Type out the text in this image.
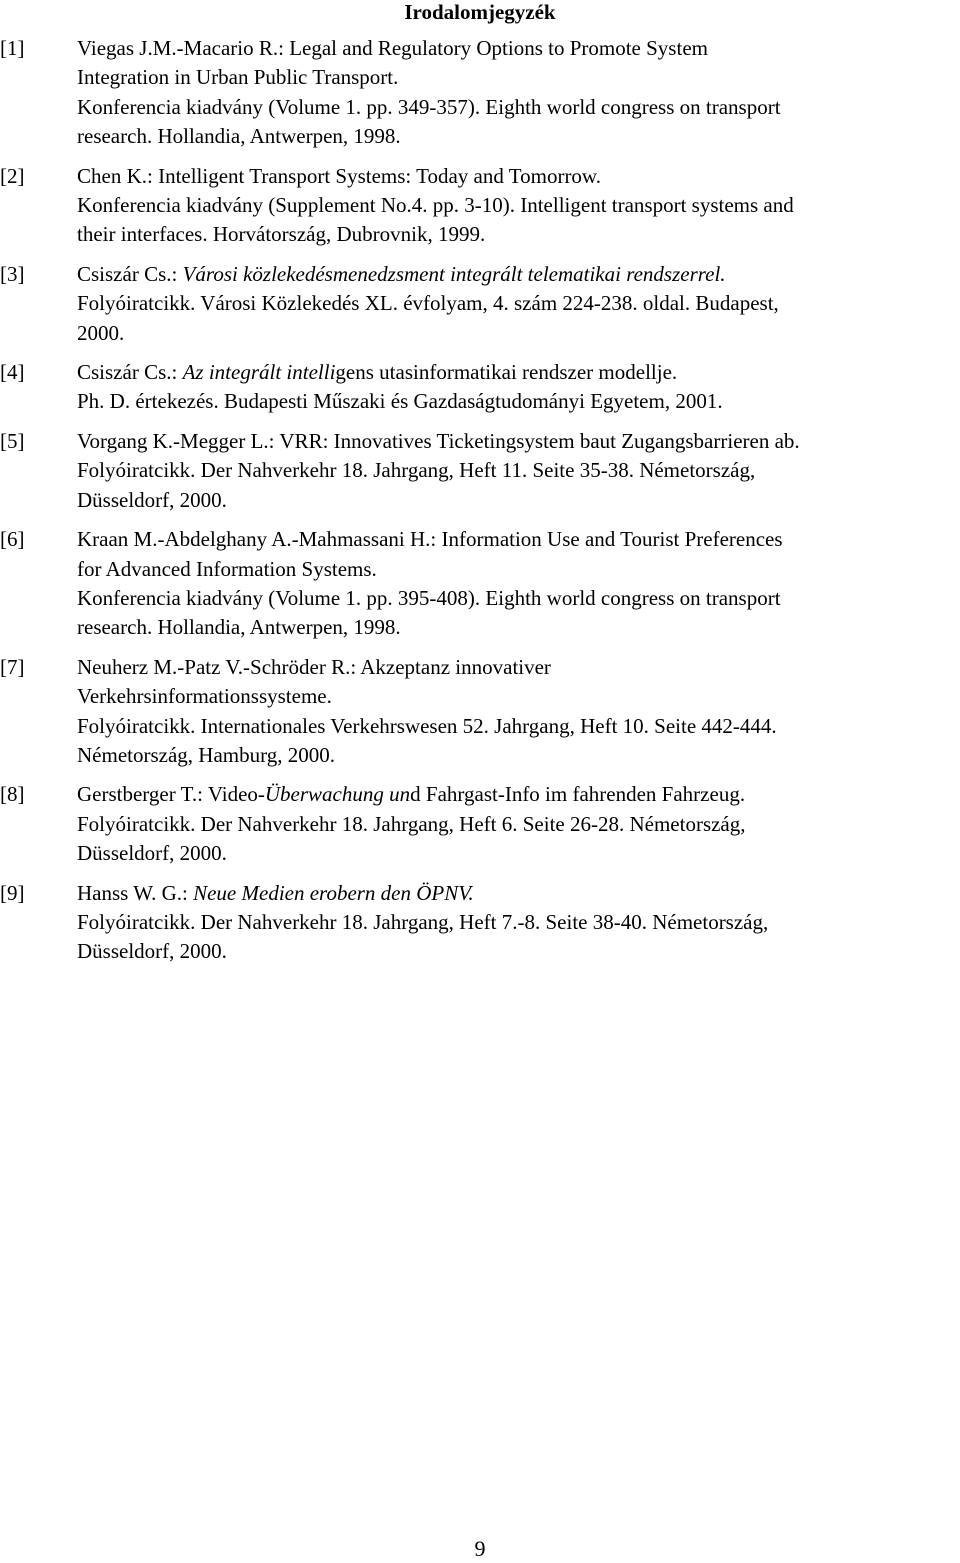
Irodalomjegyzék
[1]	Viegas J.M.-Macario R.: Legal and Regulatory Options to Promote System
Integration in Urban Public Transport.
Konferencia kiadvány (Volume 1. pp. 349-357). Eighth world congress on transport
research. Hollandia, Antwerpen, 1998.
[2]	Chen K.: Intelligent Transport Systems: Today and Tomorrow.
Konferencia kiadvány (Supplement No.4. pp. 3-10). Intelligent transport systems and
their interfaces. Horvátország, Dubrovnik, 1999.
[3]	Csiszár Cs.: Városi közlekedésmenedzsment integrált telematikai rendszerrel.
Folyóiratcikk. Városi Közlekedés XL. évfolyam, 4. szám 224-238. oldal. Budapest,
2000.
[4]	Csiszár Cs.: Az integrált intelligens utasinformatikai rendszer modellje.
Ph. D. értekezés. Budapesti Műszaki és Gazdaságtudományi Egyetem, 2001.
[5]	Vorgang K.-Megger L.: VRR: Innovatives Ticketingsystem baut Zugangsbarrieren ab.
Folyóiratcikk. Der Nahverkehr 18. Jahrgang, Heft 11. Seite 35-38. Németország,
Düsseldorf, 2000.
[6]	Kraan M.-Abdelghany A.-Mahmassani H.: Information Use and Tourist Preferences
for Advanced Information Systems.
Konferencia kiadvány (Volume 1. pp. 395-408). Eighth world congress on transport
research. Hollandia, Antwerpen, 1998.
[7]	Neuherz M.-Patz V.-Schröder R.: Akzeptanz innovativer
Verkehrsinformationssysteme.
Folyóiratcikk. Internationales Verkehrswesen 52. Jahrgang, Heft 10. Seite 442-444.
Németország, Hamburg, 2000.
[8]	Gerstberger T.: Video-Überwachung und Fahrgast-Info im fahrenden Fahrzeug.
Folyóiratcikk. Der Nahverkehr 18. Jahrgang, Heft 6. Seite 26-28. Németország,
Düsseldorf, 2000.
[9]	Hanss W. G.: Neue Medien erobern den ÖPNV.
Folyóiratcikk. Der Nahverkehr 18. Jahrgang, Heft 7.-8. Seite 38-40. Németország,
Düsseldorf, 2000.
9
